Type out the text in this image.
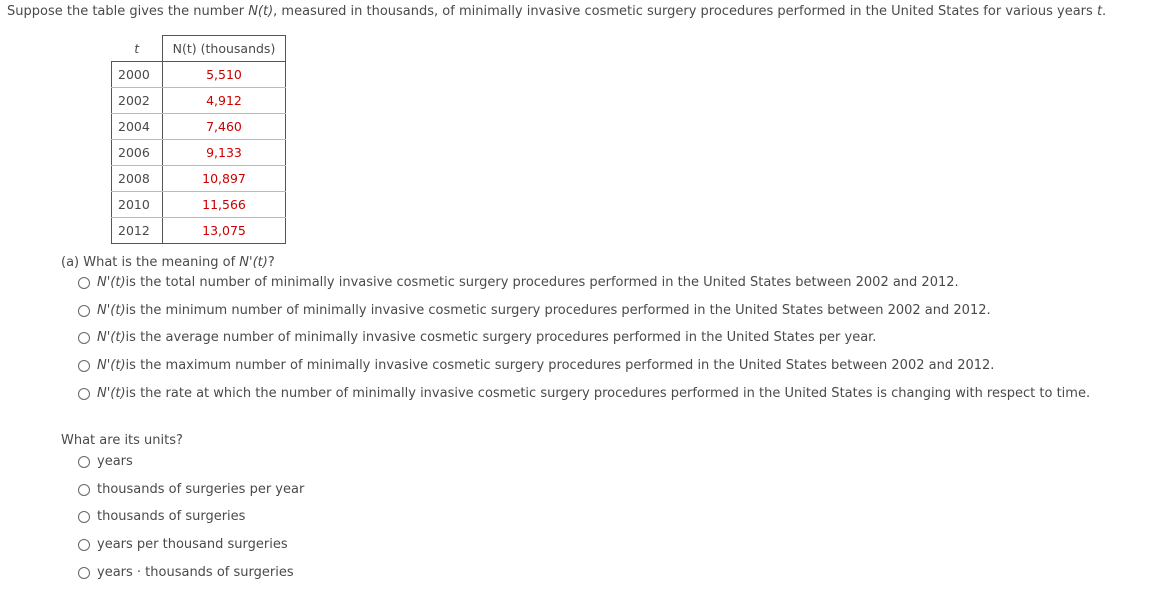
Suppose the table gives the number N(t), measured in thousands, of minimally invasive cosmetic surgery procedures performed in the United States for various years t.
t	N(t) (thousands)
2000	5,510
2002	4,912
2004	7,460
2006	9,133
2008	10,897
2010	11,566
2012	13,075
(a) What is the meaning of N'(t)?
N'(t) is the total number of minimally invasive cosmetic surgery procedures performed in the United States between 2002 and 2012.
N'(t) is the minimum number of minimally invasive cosmetic surgery procedures performed in the United States between 2002 and 2012.
N'(t) is the average number of minimally invasive cosmetic surgery procedures performed in the United States per year.
N'(t) is the maximum number of minimally invasive cosmetic surgery procedures performed in the United States between 2002 and 2012.
N'(t) is the rate at which the number of minimally invasive cosmetic surgery procedures performed in the United States is changing with respect to time.
What are its units?
years
thousands of surgeries per year
thousands of surgeries
years per thousand surgeries
years · thousands of surgeries
